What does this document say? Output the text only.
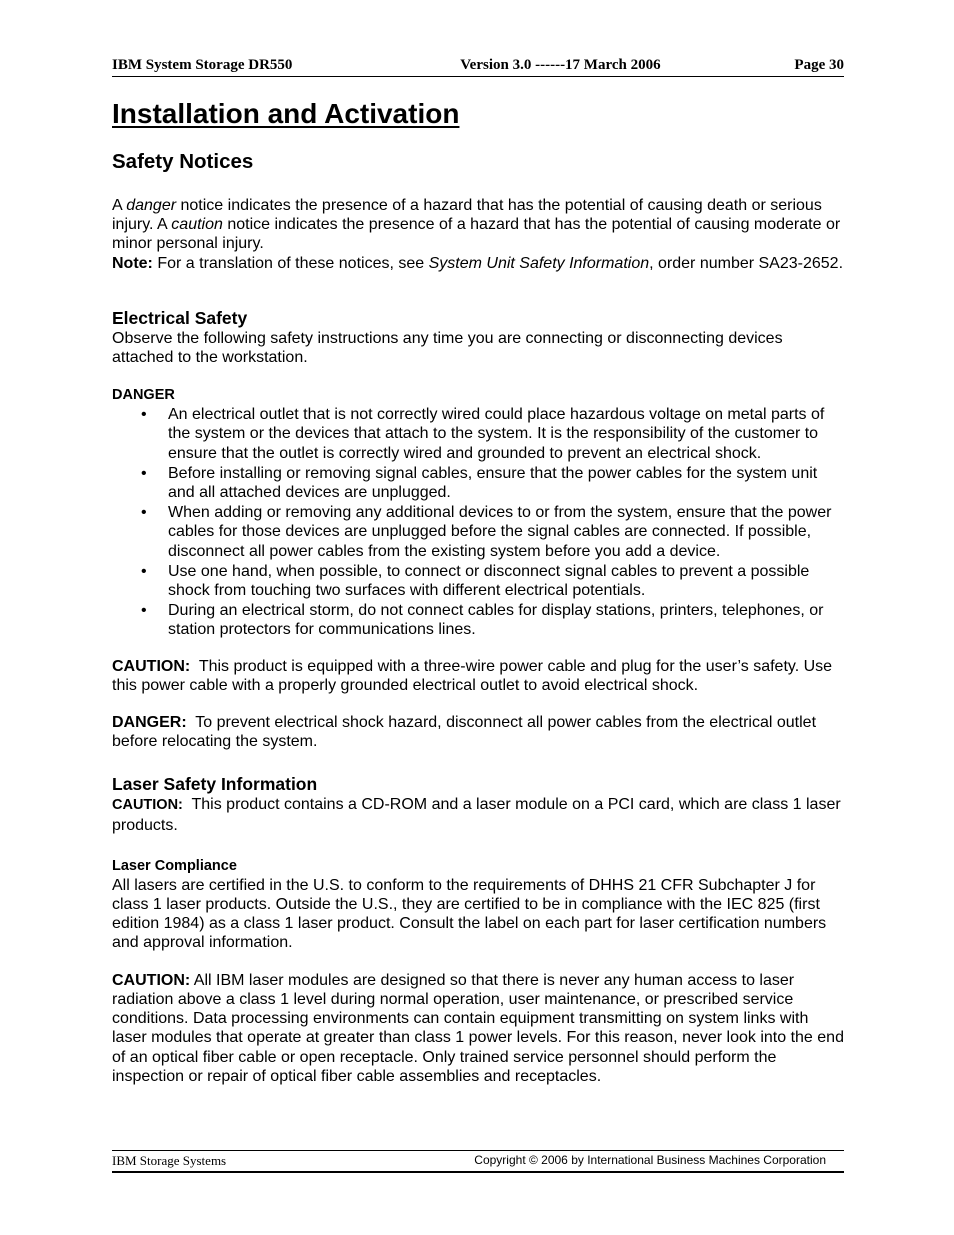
IBM System Storage DR550	Version 3.0 ------17 March 2006	Page 30
Installation and Activation
Safety Notices

A danger notice indicates the presence of a hazard that has the potential of causing death or serious injury. A caution notice indicates the presence of a hazard that has the potential of causing moderate or minor personal injury.

Note: For a translation of these notices, see System Unit Safety Information, order number SA23-2652.

Electrical Safety

Observe the following safety instructions any time you are connecting or disconnecting devices attached to the workstation.

DANGER
• An electrical outlet that is not correctly wired could place hazardous voltage on metal parts of the system or the devices that attach to the system. It is the responsibility of the customer to ensure that the outlet is correctly wired and grounded to prevent an electrical shock.
• Before installing or removing signal cables, ensure that the power cables for the system unit and all attached devices are unplugged.
• When adding or removing any additional devices to or from the system, ensure that the power cables for those devices are unplugged before the signal cables are connected. If possible, disconnect all power cables from the existing system before you add a device.
• Use one hand, when possible, to connect or disconnect signal cables to prevent a possible shock from touching two surfaces with different electrical potentials.
• During an electrical storm, do not connect cables for display stations, printers, telephones, or station protectors for communications lines.

CAUTION:  This product is equipped with a three-wire power cable and plug for the user’s safety. Use this power cable with a properly grounded electrical outlet to avoid electrical shock.

DANGER:  To prevent electrical shock hazard, disconnect all power cables from the electrical outlet before relocating the system.

Laser Safety Information

CAUTION:  This product contains a CD-ROM and a laser module on a PCI card, which are class 1 laser products.

Laser Compliance

All lasers are certified in the U.S. to conform to the requirements of DHHS 21 CFR Subchapter J for class 1 laser products. Outside the U.S., they are certified to be in compliance with the IEC 825 (first edition 1984) as a class 1 laser product. Consult the label on each part for laser certification numbers and approval information.

CAUTION: All IBM laser modules are designed so that there is never any human access to laser radiation above a class 1 level during normal operation, user maintenance, or prescribed service conditions. Data processing environments can contain equipment transmitting on system links with laser modules that operate at greater than class 1 power levels. For this reason, never look into the end of an optical fiber cable or open receptacle. Only trained service personnel should perform the inspection or repair of optical fiber cable assemblies and receptacles.

IBM Storage Systems	Copyright © 2006 by International Business Machines Corporation
